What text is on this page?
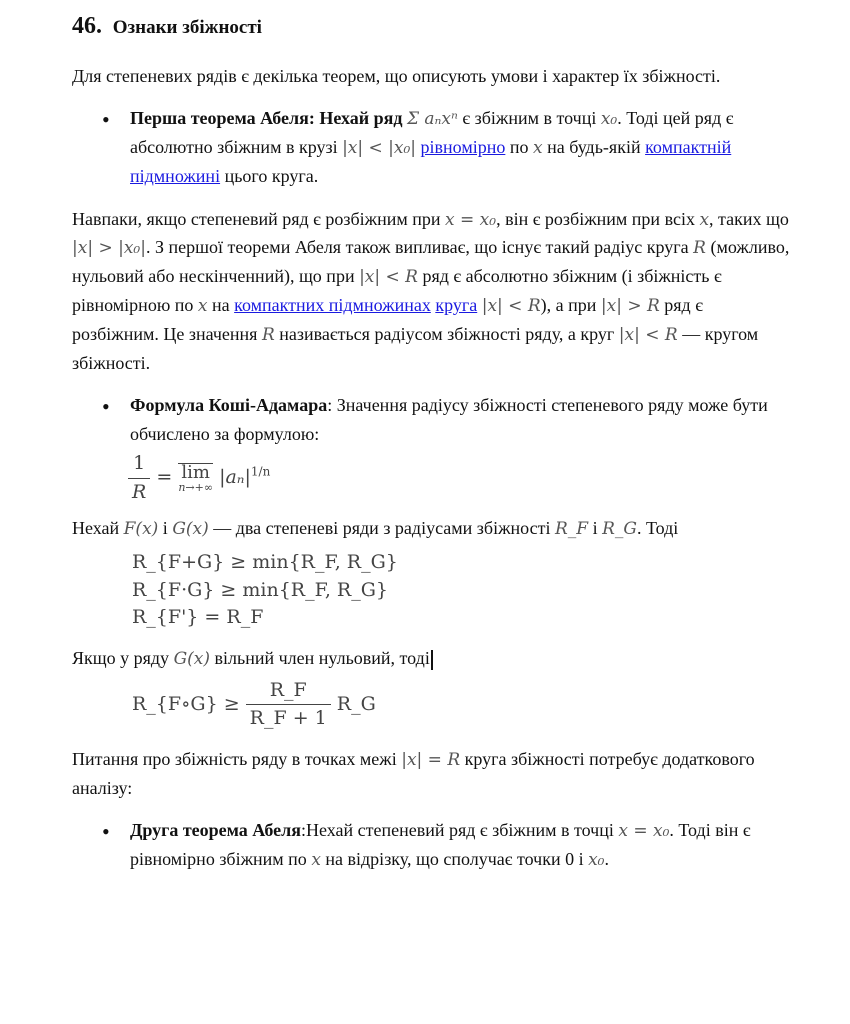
46. Ознаки збіжності

Для степеневих рядів є декілька теорем, що описують умови і характер їх збіжності.

• Перша теорема Абеля: Нехай ряд Σ aₙxⁿ є збіжним в точці x₀. Тоді цей ряд є абсолютно збіжним в крузі |x| < |x₀| рівномірно по x на будь-якій компактній підмножині цього круга.

Навпаки, якщо степеневий ряд є розбіжним при x = x₀, він є розбіжним при всіх x, таких що |x| > |x₀|. З першої теореми Абеля також випливає, що існує такий радіус круга R (можливо, нульовий або нескінченний), що при |x| < R ряд є абсолютно збіжним (і збіжність є рівномірною по x на компактних підмножинах круга |x| < R), а при |x| > R ряд є розбіжним. Це значення R називається радіусом збіжності ряду, а круг |x| < R — кругом збіжності.

• Формула Коші-Адамара: Значення радіусу збіжності степеневого ряду може бути обчислено за формулою:
$\frac{1}{R} = \lim$
n→+∞ $|a_n|^{1/n}$

Нехай F(x) і G(x) — два степеневі ряди з радіусами збіжності R_F і R_G. Тоді

R_{F+G} ≥ min{R_F, R_G}
R_{F·G} ≥ min{R_F, R_G}
R_{F'} = R_F

Якщо у ряду G(x) вільний член нульовий, тоді

R_{F∘G} ≥ $\frac{R\_F}{R\_F + 1}$ R_G

Питання про збіжність ряду в точках межі |x| = R круга збіжності потребує додаткового аналізу:

• Друга теорема Абеля:Нехай степеневий ряд є збіжним в точці x = x₀. Тоді він є рівномірно збіжним по x на відрізку, що сполучає точки 0 і x₀.
